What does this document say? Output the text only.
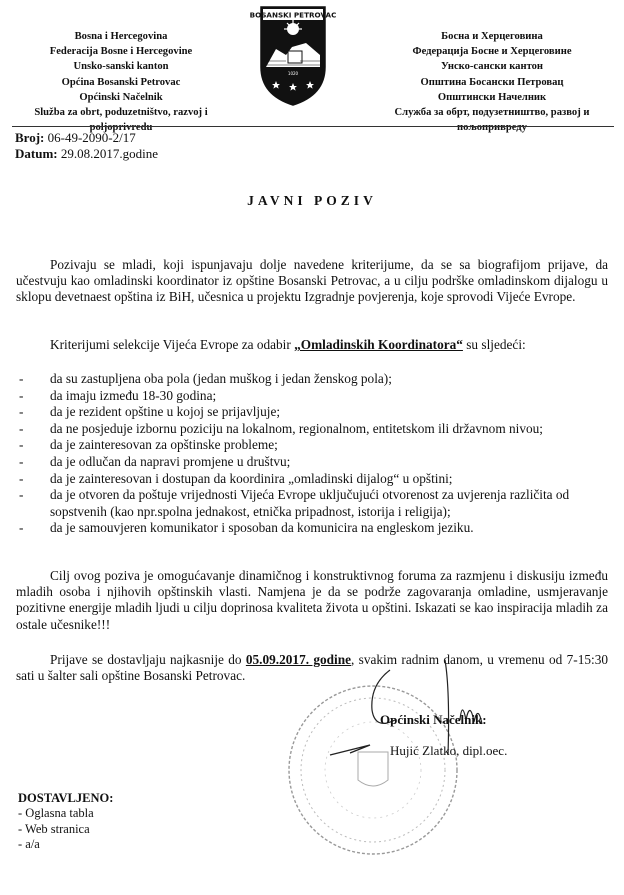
Bosna i Hercegovina
Federacija Bosne i Hercegovine
Unsko-sanski kanton
Općina Bosanski Petrovac
Općinski Načelnik
Služba za obrt, poduzetništvo, razvoj i
poljoprivredu
BOSANSKI PETROVAC
1020
Босна и Херцеговина
Федерација Босне и Херцеговине
Унско-сански кантон
Општина Босански Петровац
Општински Начелник
Служба за обрт, подузетништво, развој и
пољопривреду
Broj: 06-49-2090-2/17
Datum: 29.08.2017.godine
JAVNI POZIV
Pozivaju se mladi, koji ispunjavaju dolje navedene kriterijume, da se sa biografijom prijave, da učestvuju kao omladinski koordinator iz opštine Bosanski Petrovac, a u cilju podrške omladinskom dijalogu u sklopu devetnaest opština iz BiH, učesnica u projektu Izgradnje povjerenja, koje sprovodi Vijeće Evrope.
Kriterijumi selekcije Vijeća Evrope za odabir „Omladinskih Koordinatora“ su sljedeći:
- da su zastupljena oba pola (jedan muškog i jedan ženskog pola);
- da imaju između 18-30 godina;
- da je rezident opštine u kojoj se prijavljuje;
- da ne posjeduje izbornu poziciju na lokalnom, regionalnom, entitetskom ili državnom nivou;
- da je zainteresovan za opštinske probleme;
- da je odlučan da napravi promjene u društvu;
- da je zainteresovan i dostupan da koordinira „omladinski dijalog“ u opštini;
- da je otvoren da poštuje vrijednosti Vijeća Evrope uključujući otvorenost za uvjerenja različita od sopstvenih (kao npr.spolna jednakost, etnička pripadnost, istorija i religija);
- da je samouvjeren komunikator i sposoban da komunicira na engleskom jeziku.
Cilj ovog poziva je omogućavanje dinamičnog i konstruktivnog foruma za razmjenu i diskusiju između mladih osoba i njihovih opštinskih vlasti. Namjena je da se podrže zagovaranja omladine, usmjeravanje pozitivne energije mladih ljudi u cilju doprinosa kvaliteta života u opštini. Iskazati se kao inspiracija mladih za ostale učesnike!!!
Prijave se dostavljaju najkasnije do 05.09.2017. godine, svakim radnim danom, u vremenu od 7-15:30 sati u šalter sali opštine Bosanski Petrovac.
Općinski Načelnik:
Hujić Zlatko, dipl.oec.
DOSTAVLJENO:
- Oglasna tabla
- Web stranica
- a/a
